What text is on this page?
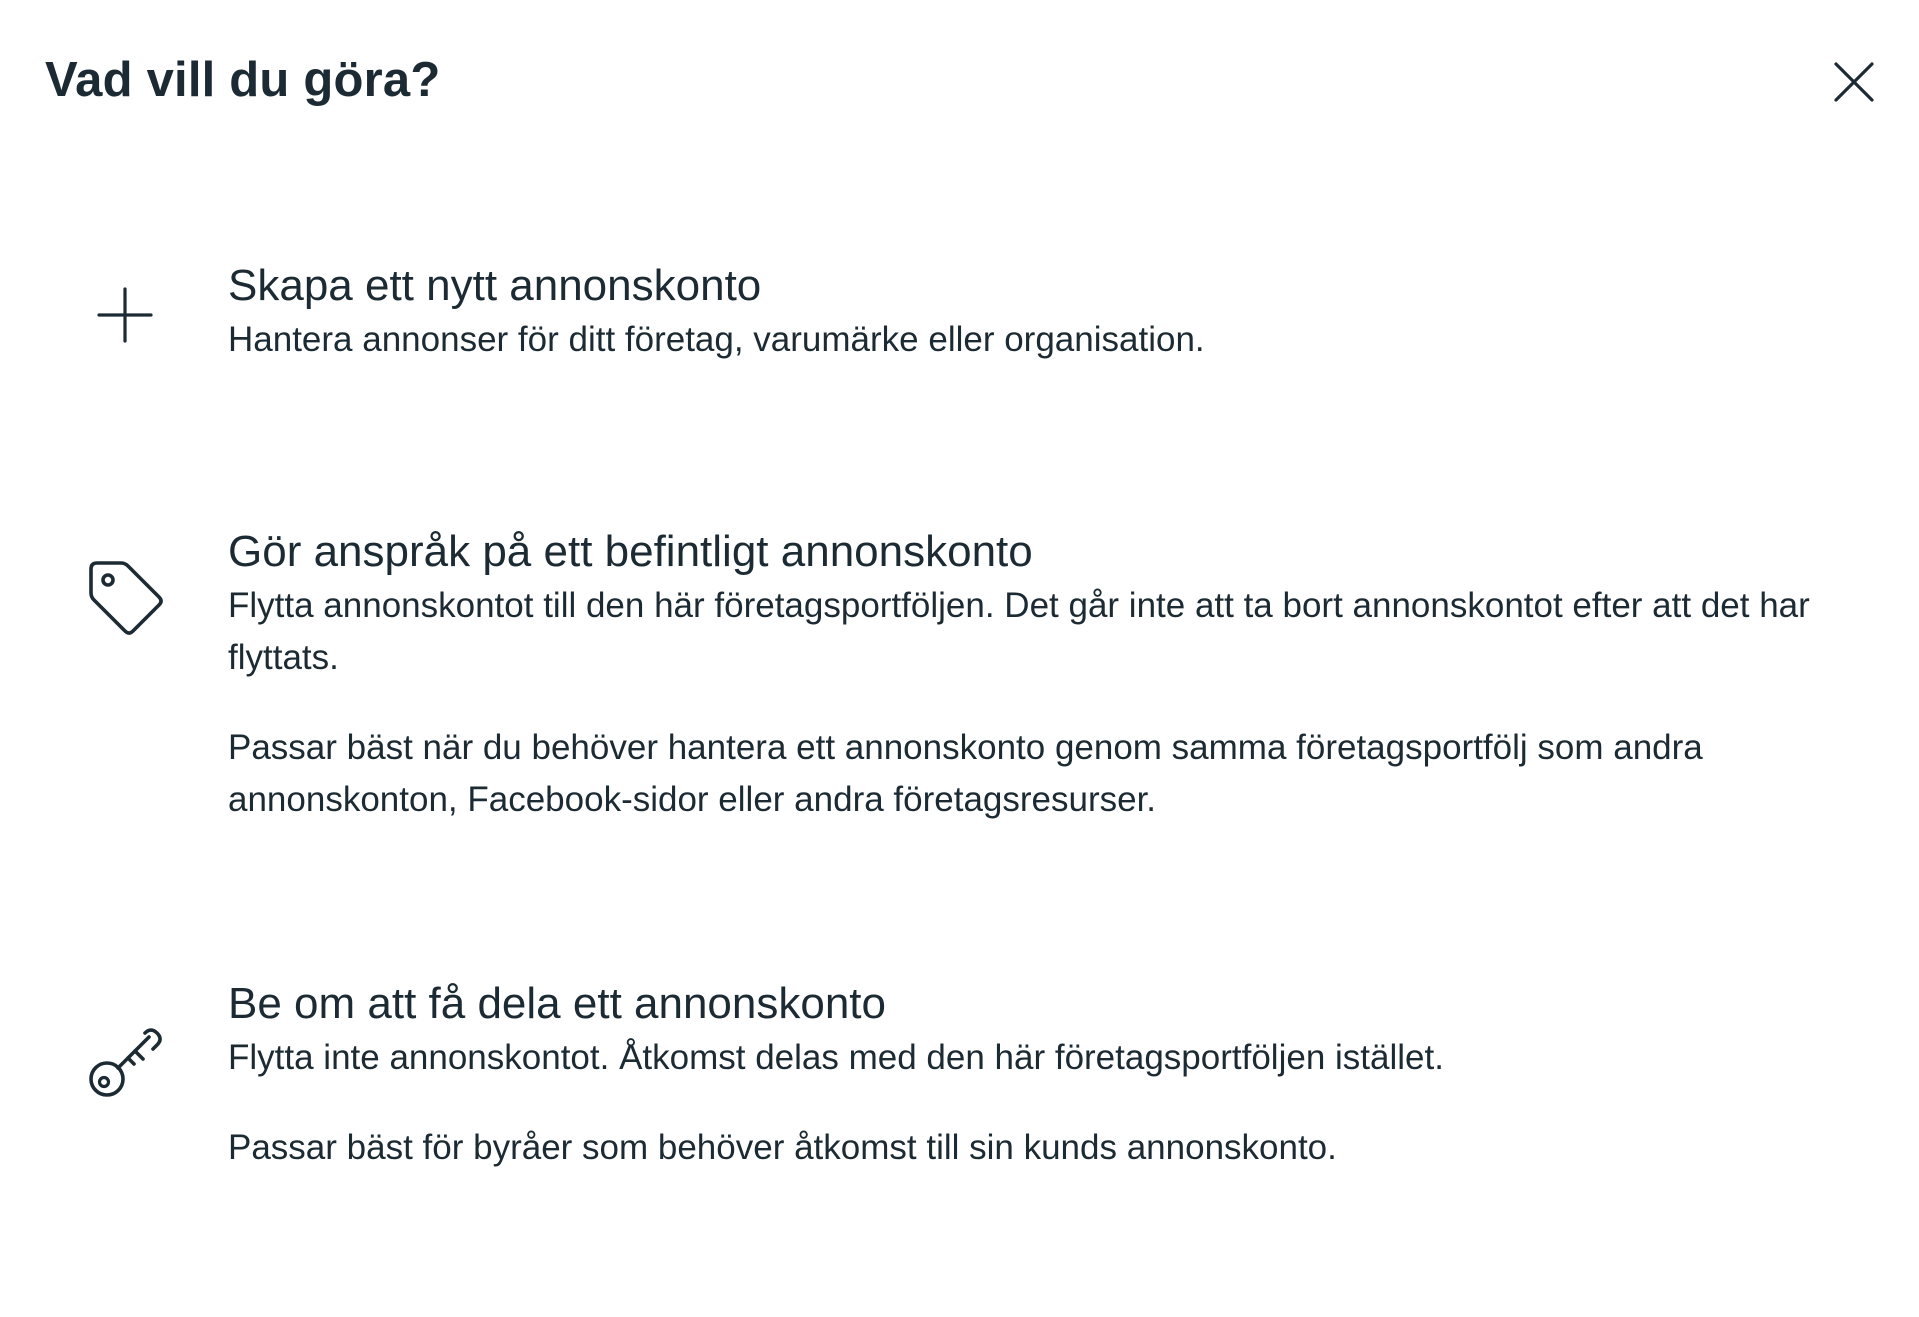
Vad vill du göra?

Skapa ett nytt annonskonto

Hantera annonser för ditt företag, varumärke eller organisation.

Gör anspråk på ett befintligt annonskonto

Flytta annonskontot till den här företagsportföljen. Det går inte att ta bort annonskontot efter att det har flyttats.

Passar bäst när du behöver hantera ett annonskonto genom samma företagsportfölj som andra annonskonton, Facebook-sidor eller andra företagsresurser.

Be om att få dela ett annonskonto

Flytta inte annonskontot. Åtkomst delas med den här företagsportföljen istället.

Passar bäst för byråer som behöver åtkomst till sin kunds annonskonto.
